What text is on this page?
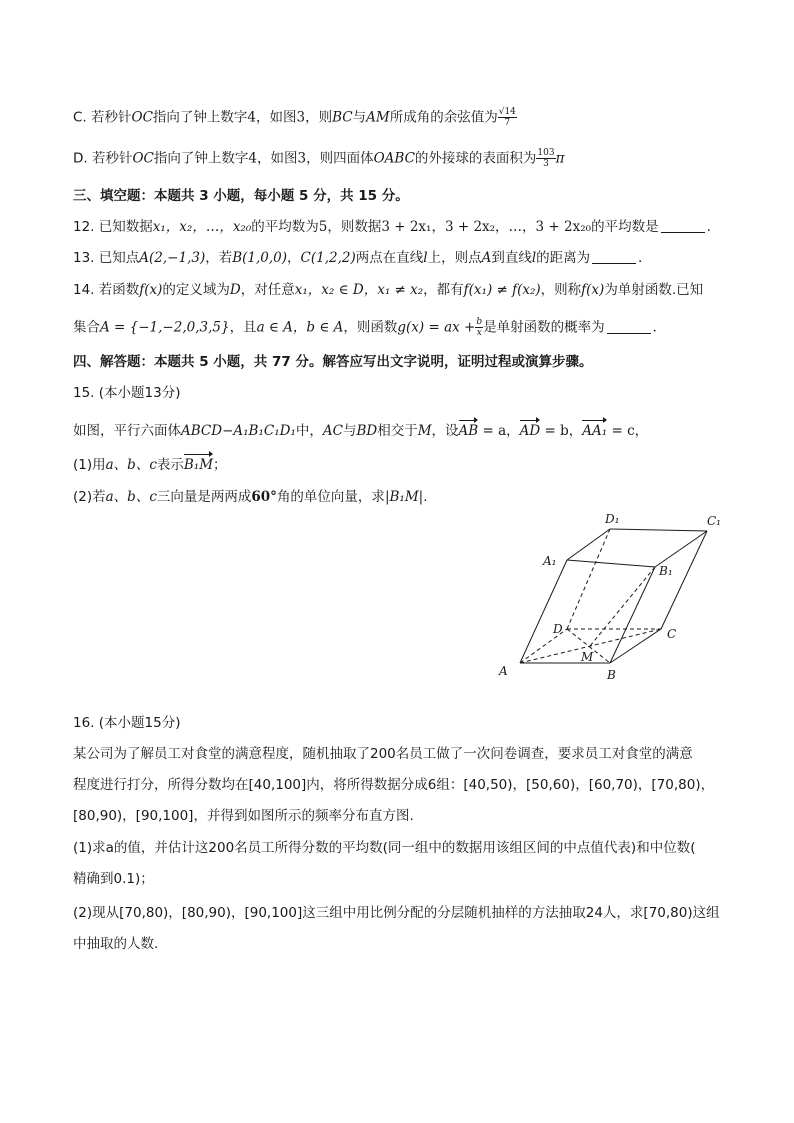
C. 若秒针OC指向了钟上数字4，如图3，则BC与AM所成角的余弦值为 $\frac{√14}{7}$
D. 若秒针OC指向了钟上数字4，如图3，则四面体OABC的外接球的表面积为 $\frac{103}{3}$ π
三、填空题：本题共 3 小题，每小题 5 分，共 15 分。
12. 已知数据x₁，x₂，…，x₂₀的平均数为5，则数据3 + 2x₁，3 + 2x₂，…，3 + 2x₂₀的平均数是	．
13. 已知点A(2,−1,3)，若B(1,0,0)，C(1,2,2)两点在直线l上，则点A到直线l的距离为	．
14. 若函数f(x)的定义域为D，对任意x₁，x₂ ∈ D，x₁ ≠ x₂，都有f(x₁) ≠ f(x₂)，则称f(x)为单射函数.已知
集合A = {−1,−2,0,3,5}，且a ∈ A，b ∈ A，则函数g(x) = ax + $\frac{b}{x}$ 是单射函数的概率为	．
四、解答题：本题共 5 小题，共 77 分。解答应写出文字说明，证明过程或演算步骤。
15. (本小题13分)
如图，平行六面体ABCD−A₁B₁C₁D₁中，AC与BD相交于M，设AB = a，AD = b，AA₁ = c，
(1)用a、b、c表示B₁M；
(2)若a、b、c三向量是两两成60°角的单位向量，求|B₁M|.
A	B
C
D
A₁
B₁
C₁
D₁
M
16. (本小题15分)
某公司为了解员工对食堂的满意程度，随机抽取了200名员工做了一次问卷调查，要求员工对食堂的满意
程度进行打分，所得分数均在[40,100]内，将所得数据分成6组：[40,50)，[50,60)，[60,70)，[70,80)，
[80,90)，[90,100]，并得到如图所示的频率分布直方图.
(1)求a的值，并估计这200名员工所得分数的平均数(同一组中的数据用该组区间的中点值代表)和中位数(
精确到0.1)；
(2)现从[70,80)，[80,90)，[90,100]这三组中用比例分配的分层随机抽样的方法抽取24人，求[70,80)这组
中抽取的人数.
